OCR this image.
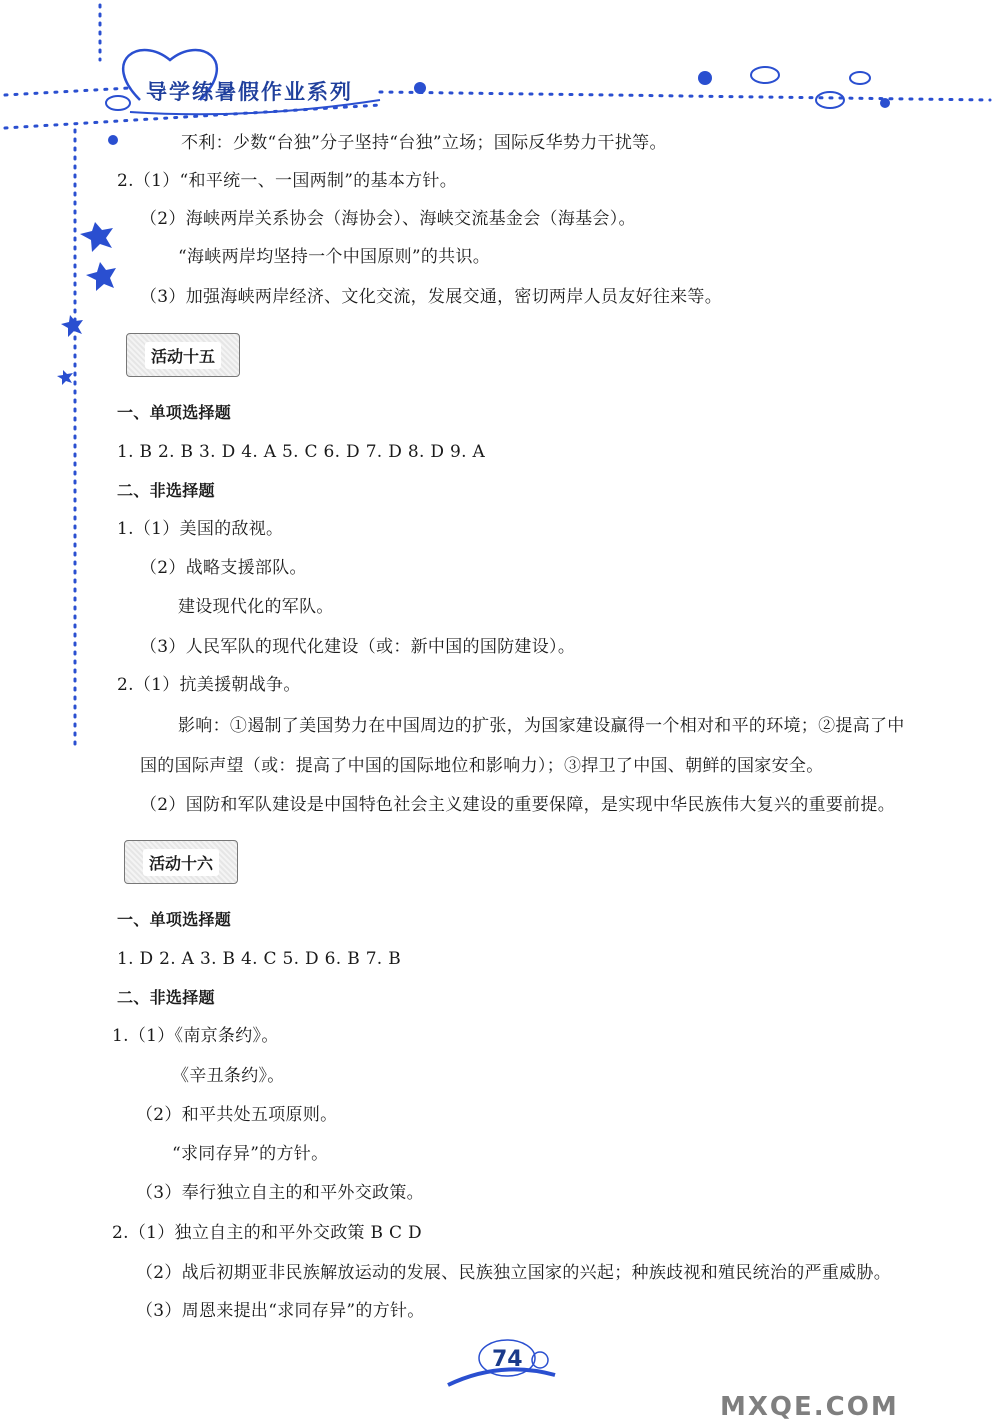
导学练暑假作业系列
不利：少数“台独”分子坚持“台独”立场；国际反华势力干扰等。
2.（1）“和平统一、一国两制”的基本方针。
（2）海峡两岸关系协会（海协会）、海峡交流基金会（海基会）。
“海峡两岸均坚持一个中国原则”的共识。
（3）加强海峡两岸经济、文化交流，发展交通，密切两岸人员友好往来等。
活动十五
一、单项选择题
1. B 2. B 3. D 4. A 5. C 6. D 7. D 8. D 9. A
二、非选择题
1.（1）美国的敌视。
（2）战略支援部队。
建设现代化的军队。
（3）人民军队的现代化建设（或：新中国的国防建设）。
2.（1）抗美援朝战争。
影响：①遏制了美国势力在中国周边的扩张，为国家建设赢得一个相对和平的环境；②提高了中
国的国际声望（或：提高了中国的国际地位和影响力）；③捍卫了中国、朝鲜的国家安全。
（2）国防和军队建设是中国特色社会主义建设的重要保障，是实现中华民族伟大复兴的重要前提。
活动十六
一、单项选择题
1. D 2. A 3. B 4. C 5. D 6. B 7. B
二、非选择题
1.（1）《南京条约》。
《辛丑条约》。
（2）和平共处五项原则。
“求同存异”的方针。
（3）奉行独立自主的和平外交政策。
2.（1）独立自主的和平外交政策 B C D
（2）战后初期亚非民族解放运动的发展、民族独立国家的兴起；种族歧视和殖民统治的严重威胁。
（3）周恩来提出“求同存异”的方针。
74
MXQE.COM
